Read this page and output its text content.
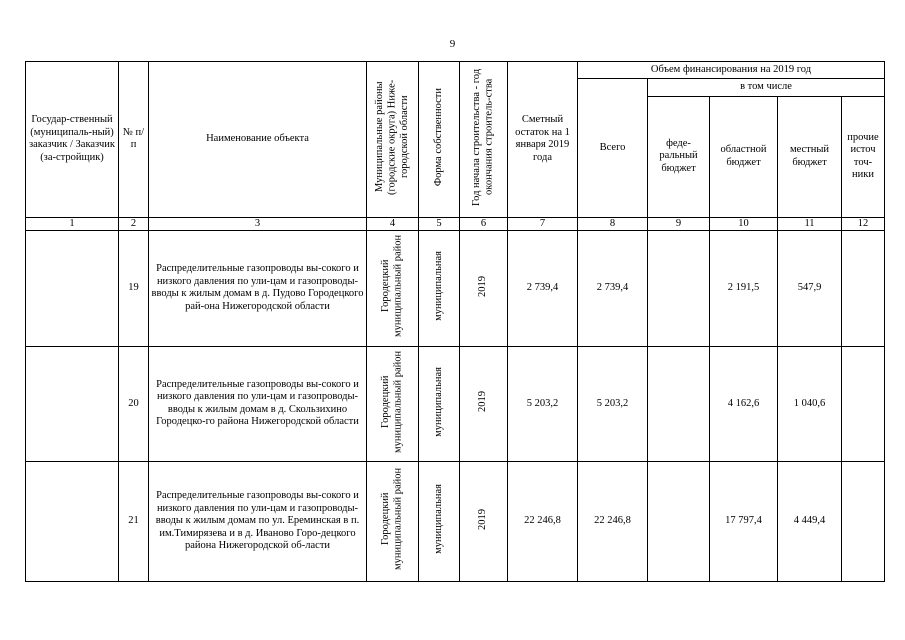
9
Государ-ственный (муниципаль-ный) заказчик / Заказчик (за-стройщик)	№ п/п	Наименование объекта	Муниципальные районы (городские округа) Ниже-городской области	Форма собственности	Год начала строительства - год окончания строитель-ства	Сметный остаток на 1 января 2019 года	Объем финансирования на 2019 год				
							Всего	в том числе			
								феде-ральный бюджет	областной бюджет	местный бюджет	прочие источ точ-ники
1	2	3	4	5	6	7	8	9	10	11	12
	19	Распределительные газопроводы вы-сокого и низкого давления по ули-цам и газопроводы-вводы к жилым домам в д. Пудово Городецкого рай-она Нижегородской области	Городецкий муниципальный район	муниципальная	2019	2 739,4	2 739,4		2 191,5	547,9	
	20	Распределительные газопроводы вы-сокого и низкого давления по ули-цам и газопроводы-вводы к жилым домам в д. Скользихино Городецко-го района Нижегородской области	Городецкий муниципальный район	муниципальная	2019	5 203,2	5 203,2		4 162,6	1 040,6	
	21	Распределительные газопроводы вы-сокого и низкого давления по ули-цам и газопроводы-вводы к жилым домам по ул. Ереминская в п. им.Тимирязева и в д. Иваново Горо-децкого района Нижегородской об-ласти	Городецкий муниципальный район	муниципальная	2019	22 246,8	22 246,8		17 797,4	4 449,4	
